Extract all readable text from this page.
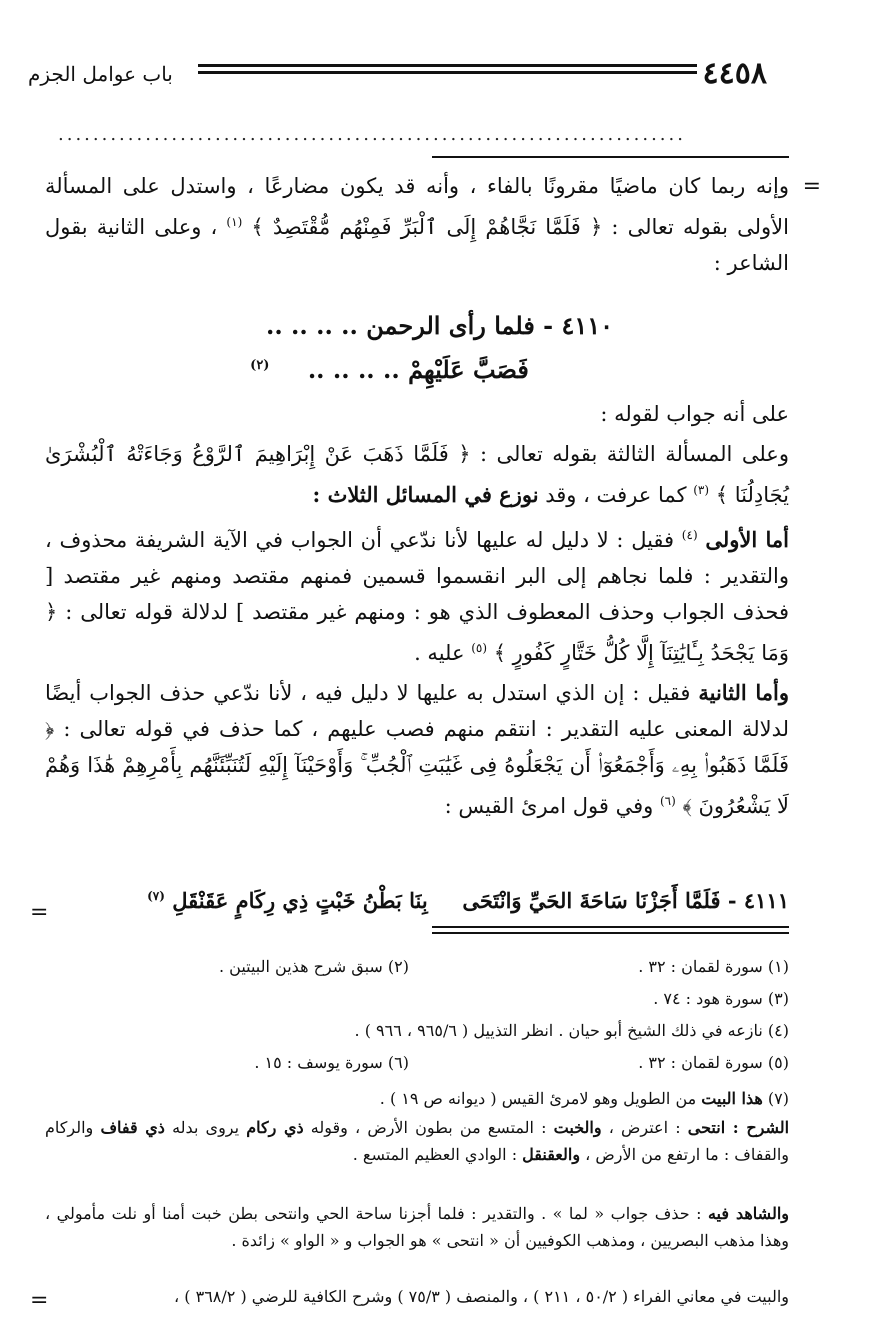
٤٤٥٨
باب عوامل الجزم
........................................................................
=

وإنه ربما كان ماضيًا مقرونًا بالفاء ، وأنه قد يكون مضارعًا ، واستدل على المسألة الأولى بقوله تعالى : ﴿ فَلَمَّا نَجَّاهُمْ إِلَى ٱلْبَرِّ فَمِنْهُم مُّقْتَصِدٌ ﴾ $^{(١)}$ ، وعلى الثانية بقول الشاعر :

٤١١٠ - فلما رأى الرحمن .. .. .. ..
فَصَبَّ عَلَيْهِمْ .. .. .. .. $^{(٢)}$

على أنه جواب لقوله :

وعلى المسألة الثالثة بقوله تعالى : ﴿ فَلَمَّا ذَهَبَ عَنْ إِبْرَاهِيمَ ٱلرَّوْعُ وَجَاءَتْهُ ٱلْبُشْرَىٰ يُجَادِلُنَا ﴾ $^{(٣)}$ كما عرفت ، وقد نوزع في المسائل الثلاث :

أما الأولى $^{(٤)}$ فقيل : لا دليل له عليها لأنا ندّعي أن الجواب في الآية الشريفة محذوف ، والتقدير : فلما نجاهم إلى البر انقسموا قسمين فمنهم مقتصد ومنهم غير مقتصد [ فحذف الجواب وحذف المعطوف الذي هو : ومنهم غير مقتصد ] لدلالة قوله تعالى : ﴿ وَمَا يَجْحَدُ بِـَٔايَٰتِنَآ إِلَّا كُلُّ خَتَّارٍ كَفُورٍ ﴾ $^{(٥)}$ عليه .

وأما الثانية فقيل : إن الذي استدل به عليها لا دليل فيه ، لأنا ندّعي حذف الجواب أيضًا لدلالة المعنى عليه التقدير : انتقم منهم فصب عليهم ، كما حذف في قوله تعالى : ﴿ فَلَمَّا ذَهَبُوا۟ بِهِۦ وَأَجْمَعُوٓا۟ أَن يَجْعَلُوهُ فِى غَيَٰبَتِ ٱلْجُبِّ ۚ وَأَوْحَيْنَآ إِلَيْهِ لَتُنَبِّئَنَّهُم بِأَمْرِهِمْ هَٰذَا وَهُمْ لَا يَشْعُرُونَ ﴾ $^{(٦)}$ وفي قول امرئ القيس :

=	٤١١١ - فَلَمَّا أَجَزْنَا سَاحَةَ الحَيِّ وَانْتَحَى  بِنَا بَطْنُ خَبْتٍ ذِي رِكَامٍ عَقَنْقَلِ $^{(٧)}$
(١) سورة لقمان : ٣٢ .
(٢) سبق شرح هذين البيتين .
(٣) سورة هود : ٧٤ .
(٤) نازعه في ذلك الشيخ أبو حيان . انظر التذييل ( ٩٦٥/٦ ، ٩٦٦ ) .
(٥) سورة لقمان : ٣٢ .
(٦) سورة يوسف : ١٥ .
(٧) هذا البيت من الطويل وهو لامرئ القيس ( ديوانه ص ١٩ ) .

الشرح : انتحى : اعترض ، والخبت : المتسع من بطون الأرض ، وقوله ذي ركام يروى بدله ذي قفاف والركام والقفاف : ما ارتفع من الأرض ، والعقنقل : الوادي العظيم المتسع .

والشاهد فيه : حذف جواب « لما » . والتقدير : فلما أجزنا ساحة الحي وانتحى بطن خبت أمنا أو نلت مأمولي ، وهذا مذهب البصريين ، ومذهب الكوفيين أن « انتحى » هو الجواب و « الواو » زائدة .

والبيت في معاني الفراء ( ٥٠/٢ ، ٢١١ ) ، والمنصف ( ٧٥/٣ ) وشرح الكافية للرضي ( ٣٦٨/٢ ) ،
=
